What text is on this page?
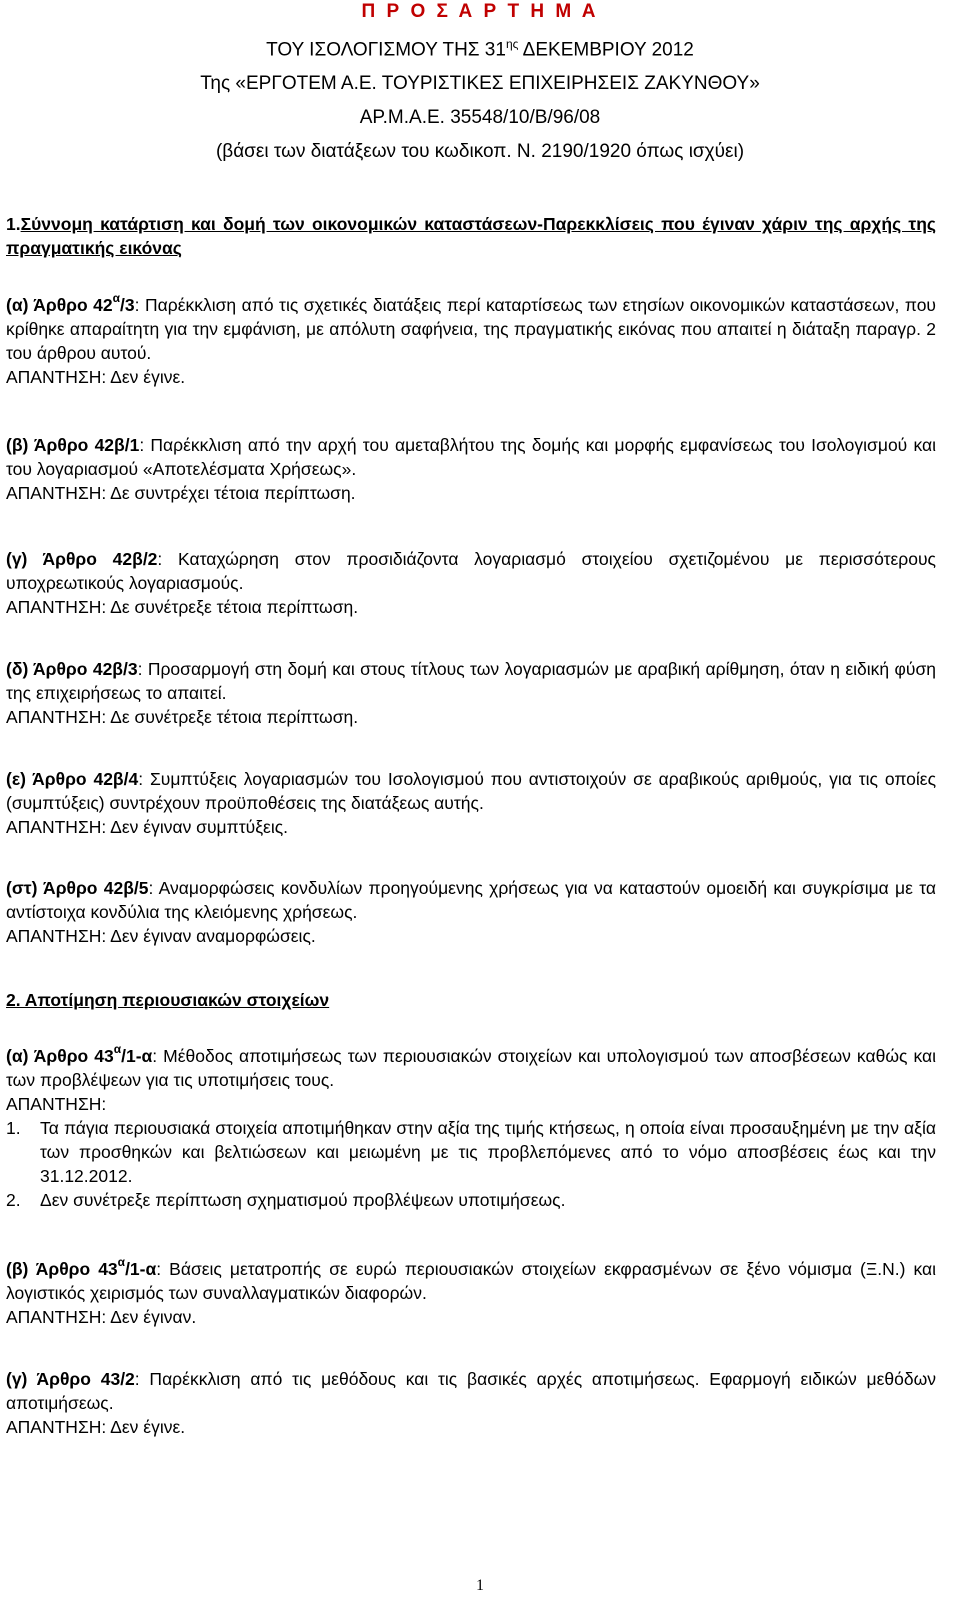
Π Ρ Ο Σ Α Ρ Τ Η Μ Α
ΤΟΥ ΙΣΟΛΟΓΙΣΜΟΥ ΤΗΣ $31^{\eta\varsigma}$ ΔΕΚΕΜΒΡΙΟΥ 2012
Της «ΕΡΓΟΤΕΜ Α.Ε. ΤΟΥΡΙΣΤΙΚΕΣ ΕΠΙΧΕΙΡΗΣΕΙΣ ΖΑΚΥΝΘΟΥ»
ΑΡ.Μ.Α.Ε. 35548/10/Β/96/08
(βάσει των διατάξεων του κωδικοπ. Ν. 2190/1920 όπως ισχύει)

1.Σύννομη κατάρτιση και δομή των οικονομικών καταστάσεων-Παρεκκλίσεις που έγιναν χάριν της αρχής της πραγματικής εικόνας

(α) Άρθρο $42^\alpha/3$: Παρέκκλιση από τις σχετικές διατάξεις περί καταρτίσεως των ετησίων οικονομικών καταστάσεων, που κρίθηκε απαραίτητη για την εμφάνιση, με απόλυτη σαφήνεια, της πραγματικής εικόνας που απαιτεί η διάταξη παραγρ. 2 του άρθρου αυτού.

ΑΠΑΝΤΗΣΗ: Δεν έγινε.

(β) Άρθρο 42β/1: Παρέκκλιση από την αρχή του αμεταβλήτου της δομής και μορφής εμφανίσεως του Ισολογισμού και του λογαριασμού «Αποτελέσματα Χρήσεως».

ΑΠΑΝΤΗΣΗ: Δε συντρέχει τέτοια περίπτωση.

(γ) Άρθρο 42β/2: Καταχώρηση στον προσιδιάζοντα λογαριασμό στοιχείου σχετιζομένου με περισσότερους υποχρεωτικούς λογαριασμούς.

ΑΠΑΝΤΗΣΗ: Δε συνέτρεξε τέτοια περίπτωση.

(δ) Άρθρο 42β/3: Προσαρμογή στη δομή και στους τίτλους των λογαριασμών με αραβική αρίθμηση, όταν η ειδική φύση της επιχειρήσεως το απαιτεί.

ΑΠΑΝΤΗΣΗ: Δε συνέτρεξε τέτοια περίπτωση.

(ε) Άρθρο 42β/4: Συμπτύξεις λογαριασμών του Ισολογισμού που αντιστοιχούν σε αραβικούς αριθμούς, για τις οποίες (συμπτύξεις) συντρέχουν προϋποθέσεις της διατάξεως αυτής.

ΑΠΑΝΤΗΣΗ: Δεν έγιναν συμπτύξεις.

(στ) Άρθρο 42β/5: Αναμορφώσεις κονδυλίων προηγούμενης χρήσεως για να καταστούν ομοειδή και συγκρίσιμα με τα αντίστοιχα κονδύλια της κλειόμενης χρήσεως.

ΑΠΑΝΤΗΣΗ: Δεν έγιναν αναμορφώσεις.

2. Αποτίμηση περιουσιακών στοιχείων

(α) Άρθρο $43^\alpha/1-\alpha$: Μέθοδος αποτιμήσεως των περιουσιακών στοιχείων και υπολογισμού των αποσβέσεων καθώς και των προβλέψεων για τις υποτιμήσεις τους.

ΑΠΑΝΤΗΣΗ:

1. Τα πάγια περιουσιακά στοιχεία αποτιμήθηκαν στην αξία της τιμής κτήσεως, η οποία είναι προσαυξημένη με την αξία των προσθηκών και βελτιώσεων και μειωμένη με τις προβλεπόμενες από το νόμο αποσβέσεις έως και την 31.12.2012.

2. Δεν συνέτρεξε περίπτωση σχηματισμού προβλέψεων υποτιμήσεως.

(β) Άρθρο $43^\alpha/1-\alpha$: Βάσεις μετατροπής σε ευρώ περιουσιακών στοιχείων εκφρασμένων σε ξένο νόμισμα (Ξ.Ν.) και λογιστικός χειρισμός των συναλλαγματικών διαφορών.

ΑΠΑΝΤΗΣΗ: Δεν έγιναν.

(γ) Άρθρο 43/2: Παρέκκλιση από τις μεθόδους και τις βασικές αρχές αποτιμήσεως. Εφαρμογή ειδικών μεθόδων αποτιμήσεως.

ΑΠΑΝΤΗΣΗ: Δεν έγινε.

1
